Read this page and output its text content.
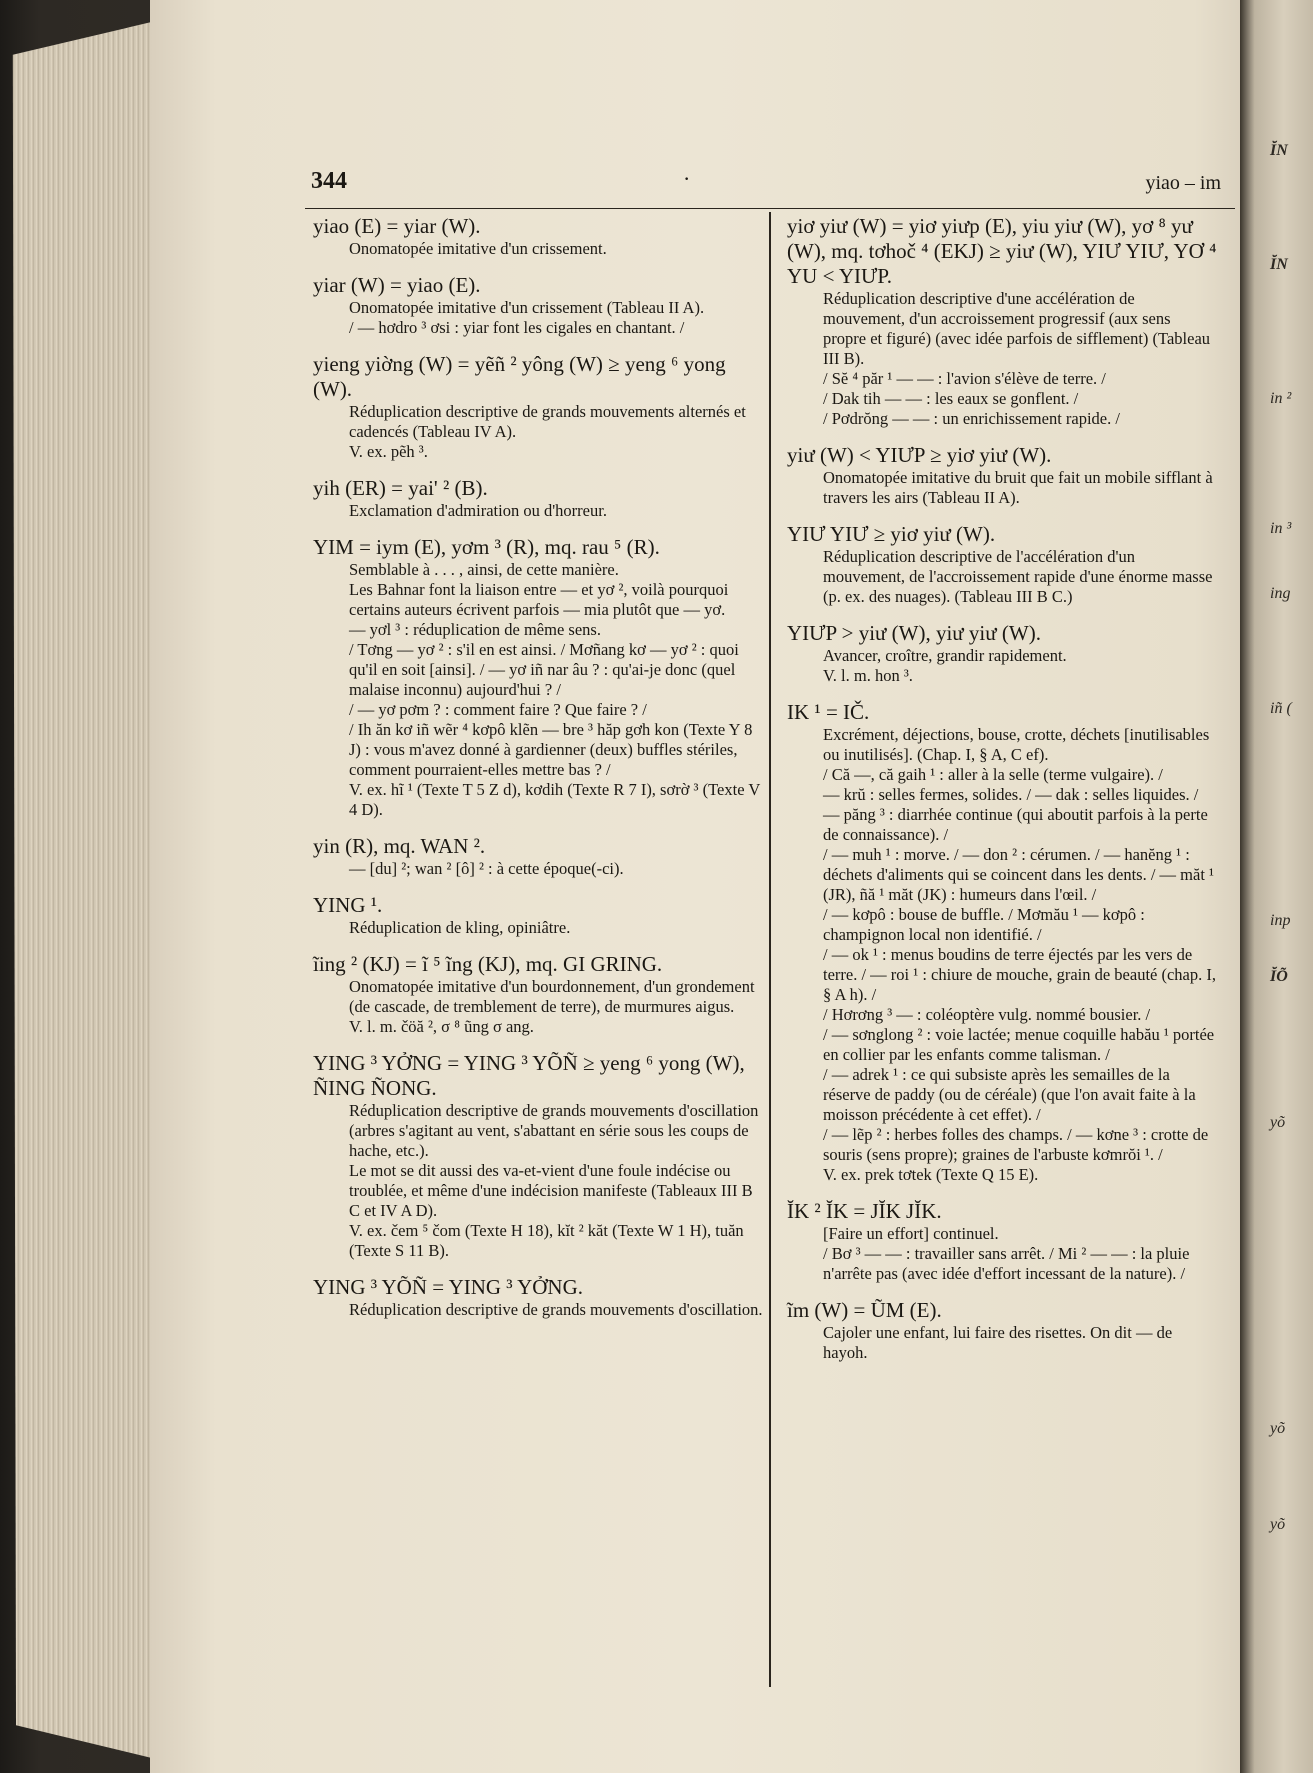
ĬN
ĬN
in ²
in ³
ing
iñ (
inp
ĬÕ
yõ
yõ
yõ
344	·	yiao – im
yiao (E) = yiar (W).
Onomatopée imitative d'un crissement.
yiar (W) = yiao (E).
Onomatopée imitative d'un crissement (Tableau II A).
/ — hơdro ³ ơsi : yiar font les cigales en chantant. /
yieng yiờng (W) = yẽñ ² yông (W) ≥ yeng ⁶ yong (W).
Réduplication descriptive de grands mouvements alternés et cadencés (Tableau IV A).
V. ex. pẽh ³.
yih (ER) = yai' ² (B).
Exclamation d'admiration ou d'horreur.
YIM = iym (E), yơm ³ (R), mq. rau ⁵ (R).
Semblable à . . . , ainsi, de cette manière.
Les Bahnar font la liaison entre — et yơ ², voilà pourquoi certains auteurs écrivent parfois — mia plutôt que — yơ.
— yơl ³ : réduplication de même sens.
/ Tơng — yơ ² : s'il en est ainsi. / Mơñang kơ — yơ ² : quoi qu'il en soit [ainsi]. / — yơ iñ nar âu ? : qu'ai-je donc (quel malaise inconnu) aujourd'hui ? /
/ — yơ pơm ? : comment faire ? Que faire ? /
/ Ih ăn kơ iñ wẽr ⁴ kơpô klẽn — bre ³ hăp gơh kon (Texte Y 8 J) : vous m'avez donné à gardienner (deux) buffles stériles, comment pourraient-elles mettre bas ? /
V. ex. hĩ ¹ (Texte T 5 Z d), kơdih (Texte R 7 I), sơrờ ³ (Texte V 4 D).
yin (R), mq. WAN ².
— [du] ²; wan ² [ô] ² : à cette époque(-ci).
YING ¹.
Réduplication de kling, opiniâtre.
ĩing ² (KJ) = ĩ ⁵ ĩng (KJ), mq. GI GRING.
Onomatopée imitative d'un bourdonnement, d'un grondement (de cascade, de tremblement de terre), de murmures aigus.
V. l. m. čöă ², σ ⁸ ũng σ ang.
YING ³ YỞNG = YING ³ YÕÑ ≥ yeng ⁶ yong (W), ÑING ÑONG.
Réduplication descriptive de grands mouvements d'oscillation (arbres s'agitant au vent, s'abattant en série sous les coups de hache, etc.).
Le mot se dit aussi des va-et-vient d'une foule indécise ou troublée, et même d'une indécision manifeste (Tableaux III B C et IV A D).
V. ex. čem ⁵ čom (Texte H 18), kĭt ² kăt (Texte W 1 H), tuăn (Texte S 11 B).
YING ³ YÕÑ = YING ³ YỞNG.
Réduplication descriptive de grands mouvements d'oscillation.
yiơ yiư (W) = yiơ yiưp (E), yiu yiư (W), yơ ⁸ yư (W), mq. tơhoč ⁴ (EKJ) ≥ yiư (W), YIƯ YIƯ, YƠ ⁴ YU < YIƯP.
Réduplication descriptive d'une accélération de mouvement, d'un accroissement progressif (aux sens propre et figuré) (avec idée parfois de sifflement) (Tableau III B).
/ Sĕ ⁴ păr ¹ — — : l'avion s'élève de terre. /
/ Dak tih — — : les eaux se gonflent. /
/ Pơdrŏng — — : un enrichissement rapide. /
yiư (W) < YIƯP ≥ yiơ yiư (W).
Onomatopée imitative du bruit que fait un mobile sifflant à travers les airs (Tableau II A).
YIƯ YIƯ ≥ yiơ yiư (W).
Réduplication descriptive de l'accélération d'un mouvement, de l'accroissement rapide d'une énorme masse (p. ex. des nuages). (Tableau III B C.)
YIƯP > yiư (W), yiư yiư (W).
Avancer, croître, grandir rapidement.
V. l. m. hon ³.
IK ¹ = IČ.
Excrément, déjections, bouse, crotte, déchets [inutilisables ou inutilisés]. (Chap. I, § A, C ef).
/ Că —, că gaih ¹ : aller à la selle (terme vulgaire). /
— krŭ : selles fermes, solides. / — dak : selles liquides. /
— păng ³ : diarrhée continue (qui aboutit parfois à la perte de connaissance). /
/ — muh ¹ : morve. / — don ² : cérumen. / — hanĕng ¹ : déchets d'aliments qui se coincent dans les dents. / — măt ¹ (JR), ñă ¹ măt (JK) : humeurs dans l'œil. /
/ — kơpô : bouse de buffle. / Mơmău ¹ — kơpô : champignon local non identifié. /
/ — ok ¹ : menus boudins de terre éjectés par les vers de terre. / — roi ¹ : chiure de mouche, grain de beauté (chap. I, § A h). /
/ Hơrơng ³ — : coléoptère vulg. nommé bousier. /
/ — sơnglong ² : voie lactée; menue coquille habău ¹ portée en collier par les enfants comme talisman. /
/ — adrek ¹ : ce qui subsiste après les semailles de la réserve de paddy (ou de céréale) (que l'on avait faite à la moisson précédente à cet effet). /
/ — lẽp ² : herbes folles des champs. / — kơne ³ : crotte de souris (sens propre); graines de l'arbuste kơmrŏi ¹. /
V. ex. prek tơtek (Texte Q 15 E).
ĬK ² ĬK = JĬK JĬK.
[Faire un effort] continuel.
/ Bơ ³ — — : travailler sans arrêt. / Mi ² — — : la pluie n'arrête pas (avec idée d'effort incessant de la nature). /
ĩm (W) = ŨM (E).
Cajoler une enfant, lui faire des risettes. On dit — de hayoh.
